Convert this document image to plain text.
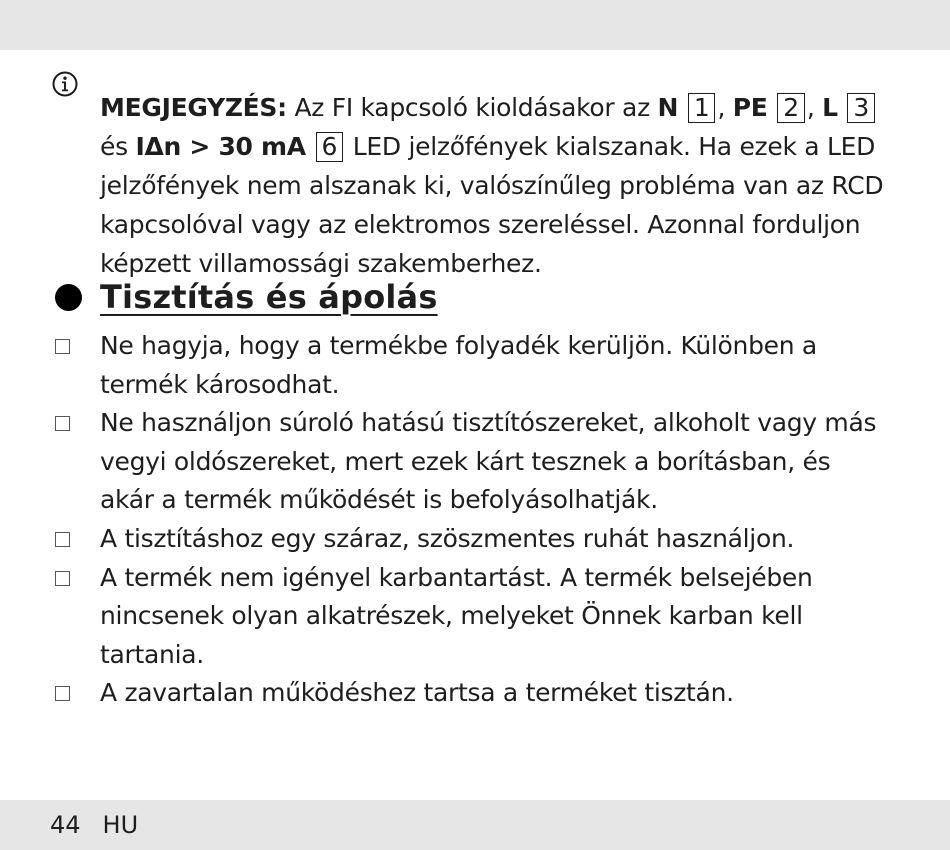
MEGJEGYZÉS: Az FI kapcsoló kioldásakor az N 1 , PE 2 , L 3 és IΔn > 30 mA 6 LED jelzőfények kialszanak. Ha ezek a LED jelzőfények nem alszanak ki, valószínűleg probléma van az RCD kapcsolóval vagy az elektromos szereléssel. Azonnal forduljon képzett villamossági szakemberhez.

Tisztítás és ápolás
Ne hagyja, hogy a termékbe folyadék kerüljön. Különben a termék károsodhat.
Ne használjon súroló hatású tisztítószereket, alkoholt vagy más vegyi oldószereket, mert ezek kárt tesznek a borításban, és akár a termék működését is befolyásolhatják.
A tisztításhoz egy száraz, szöszmentes ruhát használjon.
A termék nem igényel karbantartást. A termék belsejében nincsenek olyan alkatrészek, melyeket Önnek karban kell tartania.
A zavartalan működéshez tartsa a terméket tisztán.
44 HU
